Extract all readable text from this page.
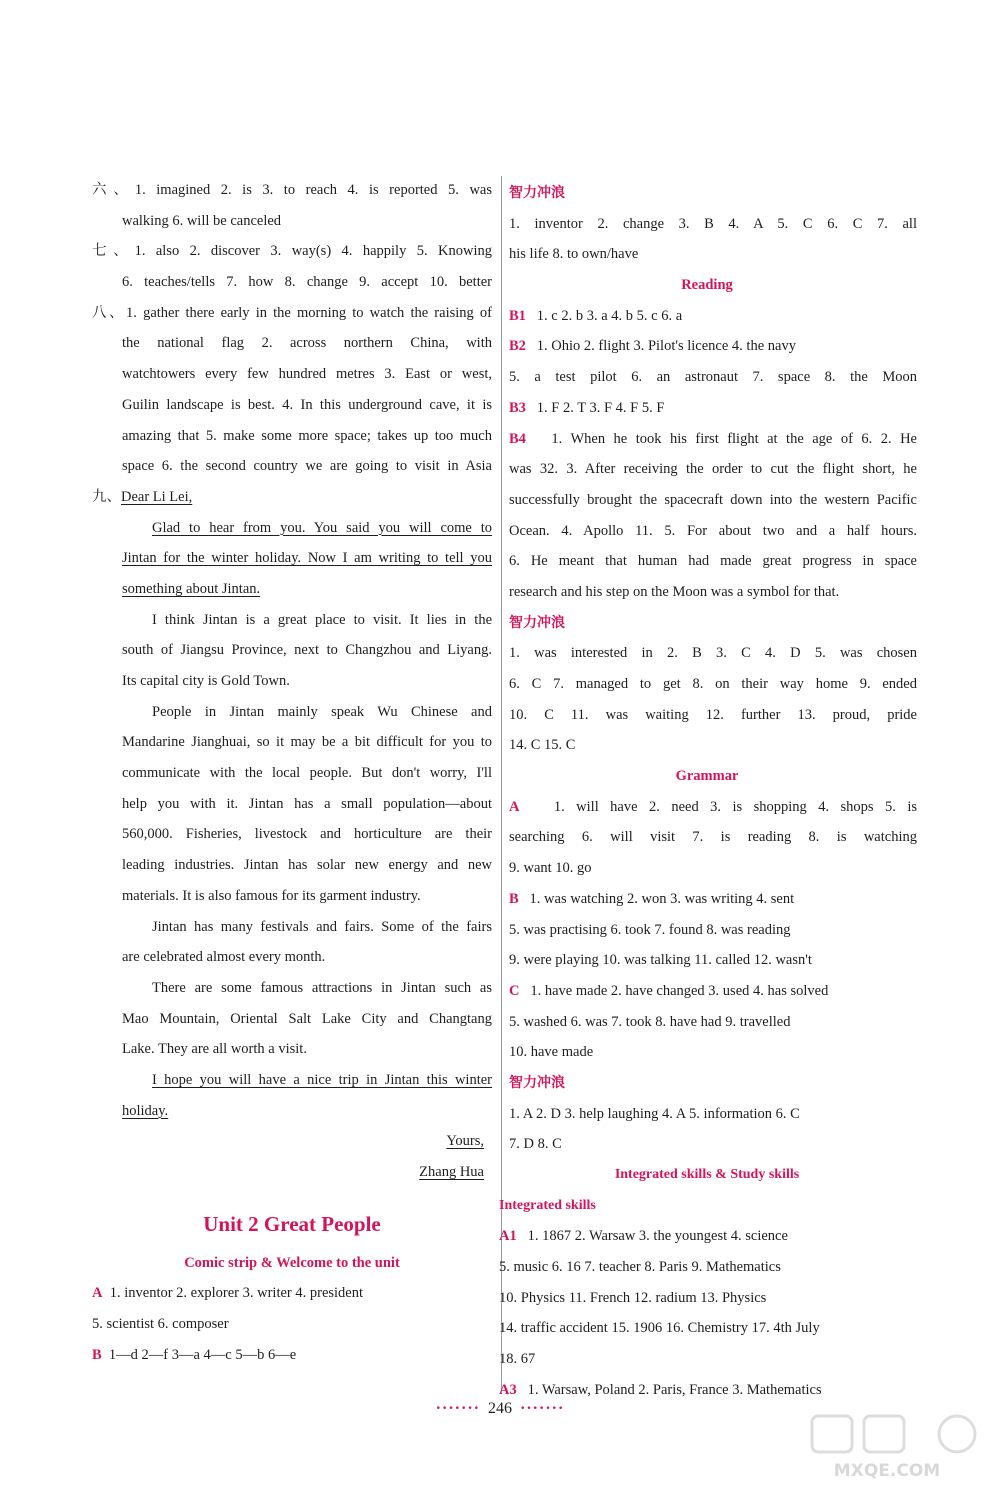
六、1. imagined 2. is 3. to reach 4. is reported 5. was
walking 6. will be canceled
七、1. also 2. discover 3. way(s) 4. happily 5. Knowing
6. teaches/tells 7. how 8. change 9. accept 10. better
八、1. gather there early in the morning to watch the raising of
the national flag 2. across northern China, with
watchtowers every few hundred metres 3. East or west,
Guilin landscape is best. 4. In this underground cave, it is
amazing that 5. make some more space; takes up too much
space 6. the second country we are going to visit in Asia
九、Dear Li Lei,
Glad to hear from you. You said you will come to
Jintan for the winter holiday. Now I am writing to tell you
something about Jintan.
I think Jintan is a great place to visit. It lies in the
south of Jiangsu Province, next to Changzhou and Liyang.
Its capital city is Gold Town.
People in Jintan mainly speak Wu Chinese and
Mandarine Jianghuai, so it may be a bit difficult for you to
communicate with the local people. But don't worry, I'll
help you with it. Jintan has a small population—about
560,000. Fisheries, livestock and horticulture are their
leading industries. Jintan has solar new energy and new
materials. It is also famous for its garment industry.
Jintan has many festivals and fairs. Some of the fairs
are celebrated almost every month.
There are some famous attractions in Jintan such as
Mao Mountain, Oriental Salt Lake City and Changtang
Lake. They are all worth a visit.
I hope you will have a nice trip in Jintan this winter
holiday.
Yours,
Zhang Hua
Unit 2 Great People
Comic strip & Welcome to the unit
A 1. inventor 2. explorer 3. writer 4. president
5. scientist 6. composer
B 1—d 2—f 3—a 4—c 5—b 6—e
智力冲浪
1. inventor 2. change 3. B 4. A 5. C 6. C 7. all
his life 8. to own/have
Reading
B1 1. c 2. b 3. a 4. b 5. c 6. a
B2 1. Ohio 2. flight 3. Pilot's licence 4. the navy
5. a test pilot 6. an astronaut 7. space 8. the Moon
B3 1. F 2. T 3. F 4. F 5. F
B4 1. When he took his first flight at the age of 6. 2. He
was 32. 3. After receiving the order to cut the flight short, he
successfully brought the spacecraft down into the western Pacific
Ocean. 4. Apollo 11. 5. For about two and a half hours.
6. He meant that human had made great progress in space
research and his step on the Moon was a symbol for that.
智力冲浪
1. was interested in 2. B 3. C 4. D 5. was chosen
6. C 7. managed to get 8. on their way home 9. ended
10. C 11. was waiting 12. further 13. proud, pride
14. C 15. C
Grammar
A 1. will have 2. need 3. is shopping 4. shops 5. is
searching 6. will visit 7. is reading 8. is watching
9. want 10. go
B 1. was watching 2. won 3. was writing 4. sent
5. was practising 6. took 7. found 8. was reading
9. were playing 10. was talking 11. called 12. wasn't
C 1. have made 2. have changed 3. used 4. has solved
5. washed 6. was 7. took 8. have had 9. travelled
10. have made
智力冲浪
1. A 2. D 3. help laughing 4. A 5. information 6. C
7. D 8. C
Integrated skills & Study skills
Integrated skills
A1 1. 1867 2. Warsaw 3. the youngest 4. science
5. music 6. 16 7. teacher 8. Paris 9. Mathematics
10. Physics 11. French 12. radium 13. Physics
14. traffic accident 15. 1906 16. Chemistry 17. 4th July
18. 67
A3 1. Warsaw, Poland 2. Paris, France 3. Mathematics
······· 246 ·······
MXQE.COM
